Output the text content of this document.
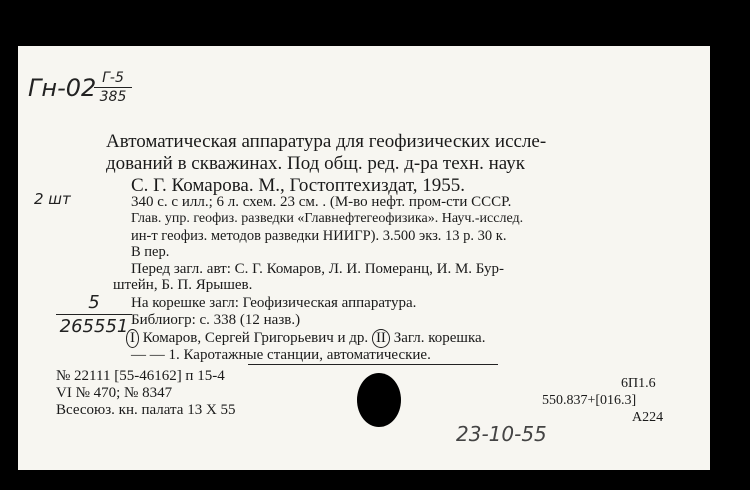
Гн-02 Г-5
385
Автоматическая аппаратура для геофизических иссле-
дований в скважинах. Под общ. ред. д-ра техн. наук
С. Г. Комарова. М., Гостоптехиздат, 1955.
2 шт	340 с. с илл.; 6 л. схем. 23 см. . (М-во нефт. пром-сти СССР.
Глав. упр. геофиз. разведки «Главнефтегеофизика». Науч.-исслед.
ин-т геофиз. методов разведки НИИГР). 3.500 экз. 13 р. 30 к.
В пер.
Перед загл. авт: С. Г. Комаров, Л. И. Померанц, И. М. Бур-
штейн, Б. П. Ярышев.
На корешке загл: Геофизическая аппаратура.
Библиогр: с. 338 (12 назв.)
5
265551
I Комаров, Сергей Григорьевич и др. II Загл. корешка.
— — 1. Каротажные станции, автоматические.
№ 22111 [55-46162] п 15-4
VI № 470; № 8347
Всесоюз. кн. палата 13 Х 55
6П1.6
550.837+[016.3]
А224
23-10-55
